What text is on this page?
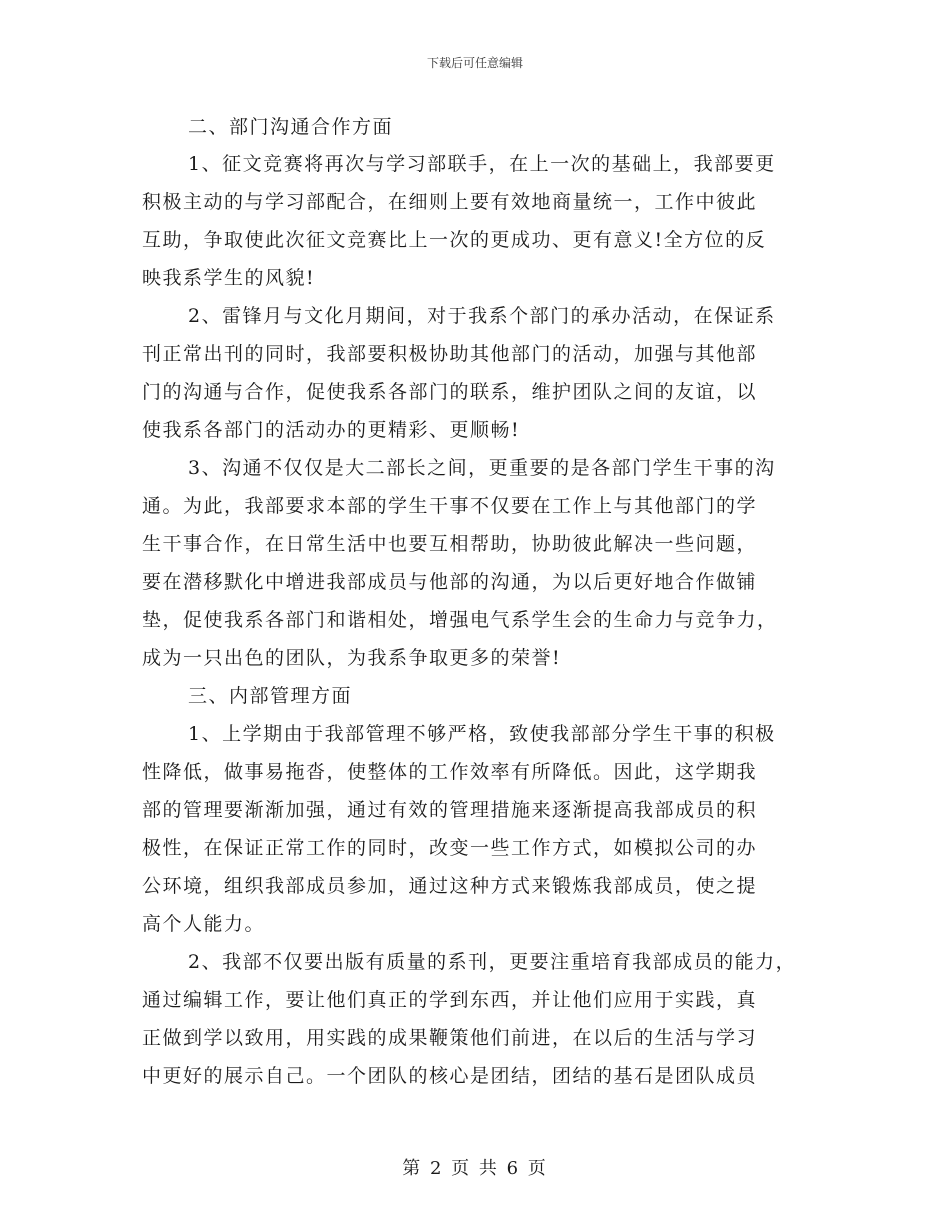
下载后可任意编辑
二、部门沟通合作方面
1、征文竞赛将再次与学习部联手，在上一次的基础上，我部要更
积极主动的与学习部配合，在细则上要有效地商量统一，工作中彼此
互助，争取使此次征文竞赛比上一次的更成功、更有意义!全方位的反
映我系学生的风貌!
2、雷锋月与文化月期间，对于我系个部门的承办活动，在保证系
刊正常出刊的同时，我部要积极协助其他部门的活动，加强与其他部
门的沟通与合作，促使我系各部门的联系，维护团队之间的友谊，以
使我系各部门的活动办的更精彩、更顺畅!
3、沟通不仅仅是大二部长之间，更重要的是各部门学生干事的沟
通。为此，我部要求本部的学生干事不仅要在工作上与其他部门的学
生干事合作，在日常生活中也要互相帮助，协助彼此解决一些问题，
要在潜移默化中增进我部成员与他部的沟通，为以后更好地合作做铺
垫，促使我系各部门和谐相处，增强电气系学生会的生命力与竞争力，
成为一只出色的团队，为我系争取更多的荣誉!
三、内部管理方面
1、上学期由于我部管理不够严格，致使我部部分学生干事的积极
性降低，做事易拖沓，使整体的工作效率有所降低。因此，这学期我
部的管理要渐渐加强，通过有效的管理措施来逐渐提高我部成员的积
极性，在保证正常工作的同时，改变一些工作方式，如模拟公司的办
公环境，组织我部成员参加，通过这种方式来锻炼我部成员，使之提
高个人能力。
2、我部不仅要出版有质量的系刊，更要注重培育我部成员的能力，
通过编辑工作，要让他们真正的学到东西，并让他们应用于实践，真
正做到学以致用，用实践的成果鞭策他们前进，在以后的生活与学习
中更好的展示自己。一个团队的核心是团结，团结的基石是团队成员
第 2 页 共 6 页
